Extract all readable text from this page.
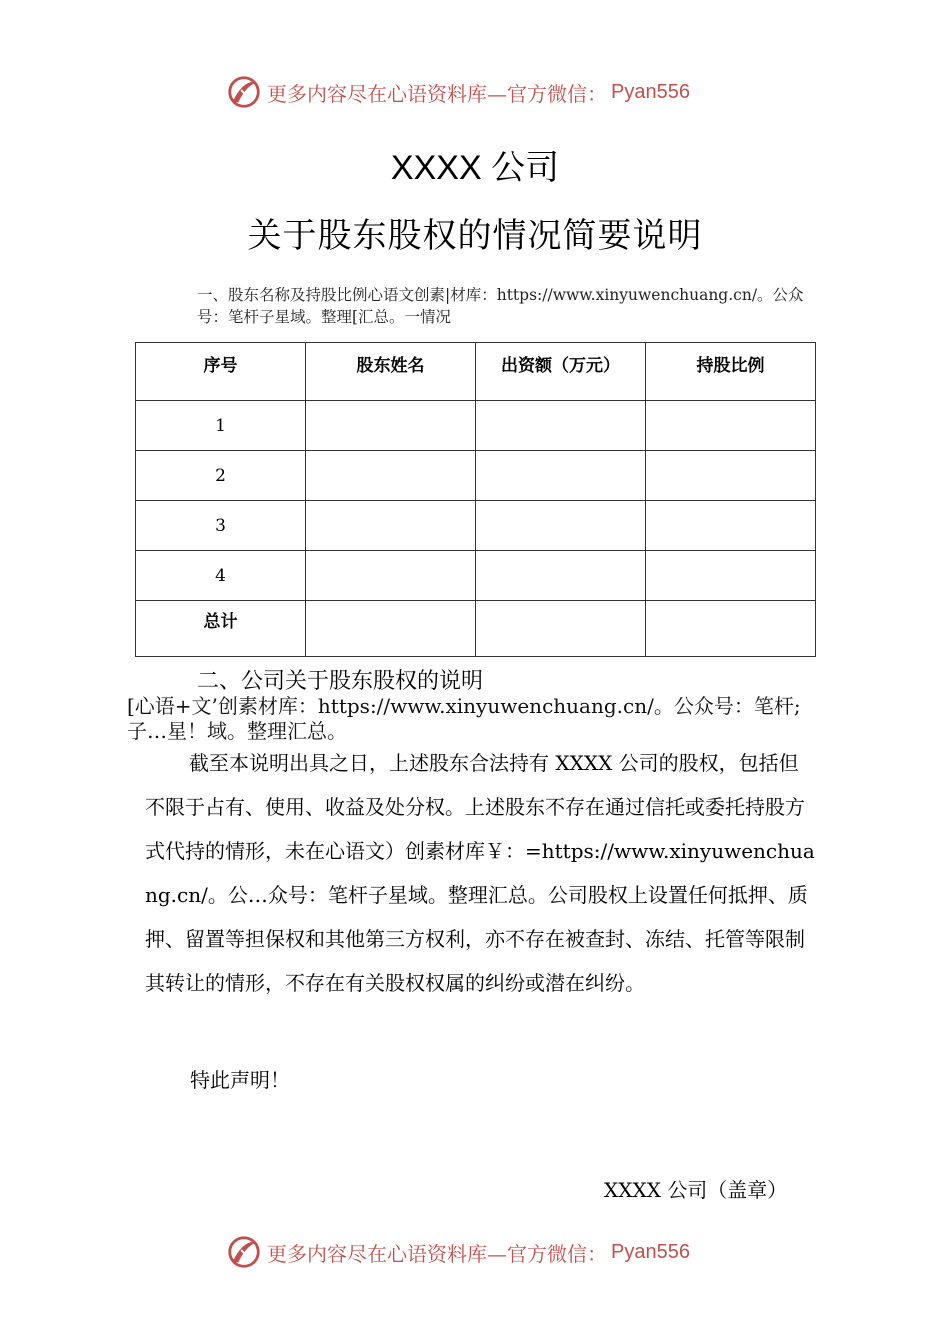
更多内容尽在心语资料库—官方微信： Pyan556
XXXX 公司
关于股东股权的情况简要说明
一、股东名称及持股比例心语文创素|材库：https://www.xinyuwenchuang.cn/。公众号：笔杆子星域。整理[汇总。一情况
序号	股东姓名	出资额（万元）	持股比例
1			
2			
3			
4			
总计			
二、公司关于股东股权的说明
[心语+文’创素材库：https://www.xinyuwenchuang.cn/。公众号：笔杆;子…星！域。整理汇总。
截至本说明出具之日，上述股东合法持有 XXXX 公司的股权，包括但不限于占有、使用、收益及处分权。上述股东不存在通过信托或委托持股方式代持的情形，未在心语文）创素材库￥：=https://www.xinyuwenchuang.cn/。公…众号：笔杆子星域。整理汇总。公司股权上设置任何抵押、质押、留置等担保权和其他第三方权利，亦不存在被查封、冻结、托管等限制其转让的情形，不存在有关股权权属的纠纷或潜在纠纷。
特此声明！
XXXX 公司（盖章）
更多内容尽在心语资料库—官方微信： Pyan556
